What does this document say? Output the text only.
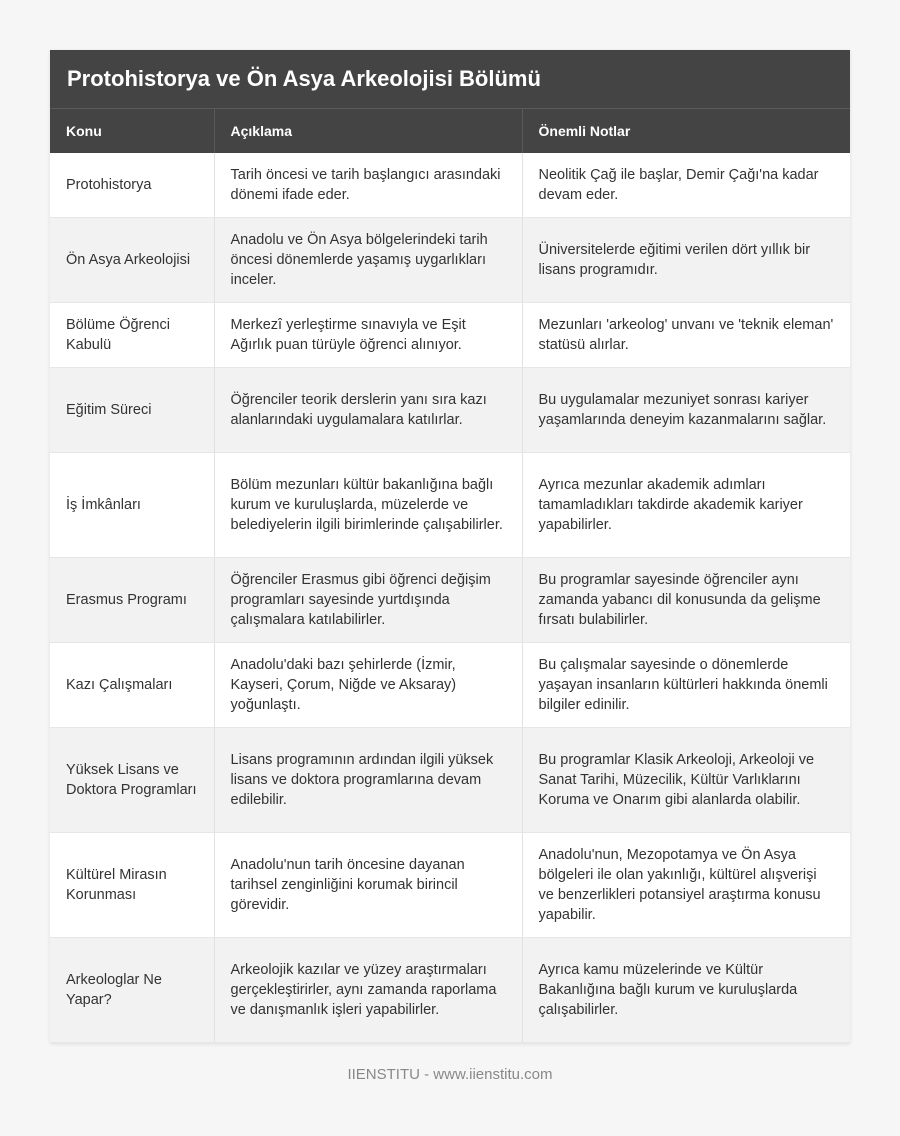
Protohistorya ve Ön Asya Arkeolojisi Bölümü
Konu	Açıklama	Önemli Notlar
Protohistorya	Tarih öncesi ve tarih başlangıcı arasındaki dönemi ifade eder.	Neolitik Çağ ile başlar, Demir Çağı'na kadar devam eder.
Ön Asya Arkeolojisi	Anadolu ve Ön Asya bölgelerindeki tarih öncesi dönemlerde yaşamış uygarlıkları inceler.	Üniversitelerde eğitimi verilen dört yıllık bir lisans programıdır.
Bölüme Öğrenci Kabulü	Merkezî yerleştirme sınavıyla ve Eşit Ağırlık puan türüyle öğrenci alınıyor.	Mezunları 'arkeolog' unvanı ve 'teknik eleman' statüsü alırlar.
Eğitim Süreci	Öğrenciler teorik derslerin yanı sıra kazı alanlarındaki uygulamalara katılırlar.	Bu uygulamalar mezuniyet sonrası kariyer yaşamlarında deneyim kazanmalarını sağlar.
İş İmkânları	Bölüm mezunları kültür bakanlığına bağlı kurum ve kuruluşlarda, müzelerde ve belediyelerin ilgili birimlerinde çalışabilirler.	Ayrıca mezunlar akademik adımları tamamladıkları takdirde akademik kariyer yapabilirler.
Erasmus Programı	Öğrenciler Erasmus gibi öğrenci değişim programları sayesinde yurtdışında çalışmalara katılabilirler.	Bu programlar sayesinde öğrenciler aynı zamanda yabancı dil konusunda da gelişme fırsatı bulabilirler.
Kazı Çalışmaları	Anadolu'daki bazı şehirlerde (İzmir, Kayseri, Çorum, Niğde ve Aksaray) yoğunlaştı.	Bu çalışmalar sayesinde o dönemlerde yaşayan insanların kültürleri hakkında önemli bilgiler edinilir.
Yüksek Lisans ve Doktora Programları	Lisans programının ardından ilgili yüksek lisans ve doktora programlarına devam edilebilir.	Bu programlar Klasik Arkeoloji, Arkeoloji ve Sanat Tarihi, Müzecilik, Kültür Varlıklarını Koruma ve Onarım gibi alanlarda olabilir.
Kültürel Mirasın Korunması	Anadolu'nun tarih öncesine dayanan tarihsel zenginliğini korumak birincil görevidir.	Anadolu'nun, Mezopotamya ve Ön Asya bölgeleri ile olan yakınlığı, kültürel alışverişi ve benzerlikleri potansiyel araştırma konusu yapabilir.
Arkeologlar Ne Yapar?	Arkeolojik kazılar ve yüzey araştırmaları gerçekleştirirler, aynı zamanda raporlama ve danışmanlık işleri yapabilirler.	Ayrıca kamu müzelerinde ve Kültür Bakanlığına bağlı kurum ve kuruluşlarda çalışabilirler.
IIENSTITU - www.iienstitu.com
